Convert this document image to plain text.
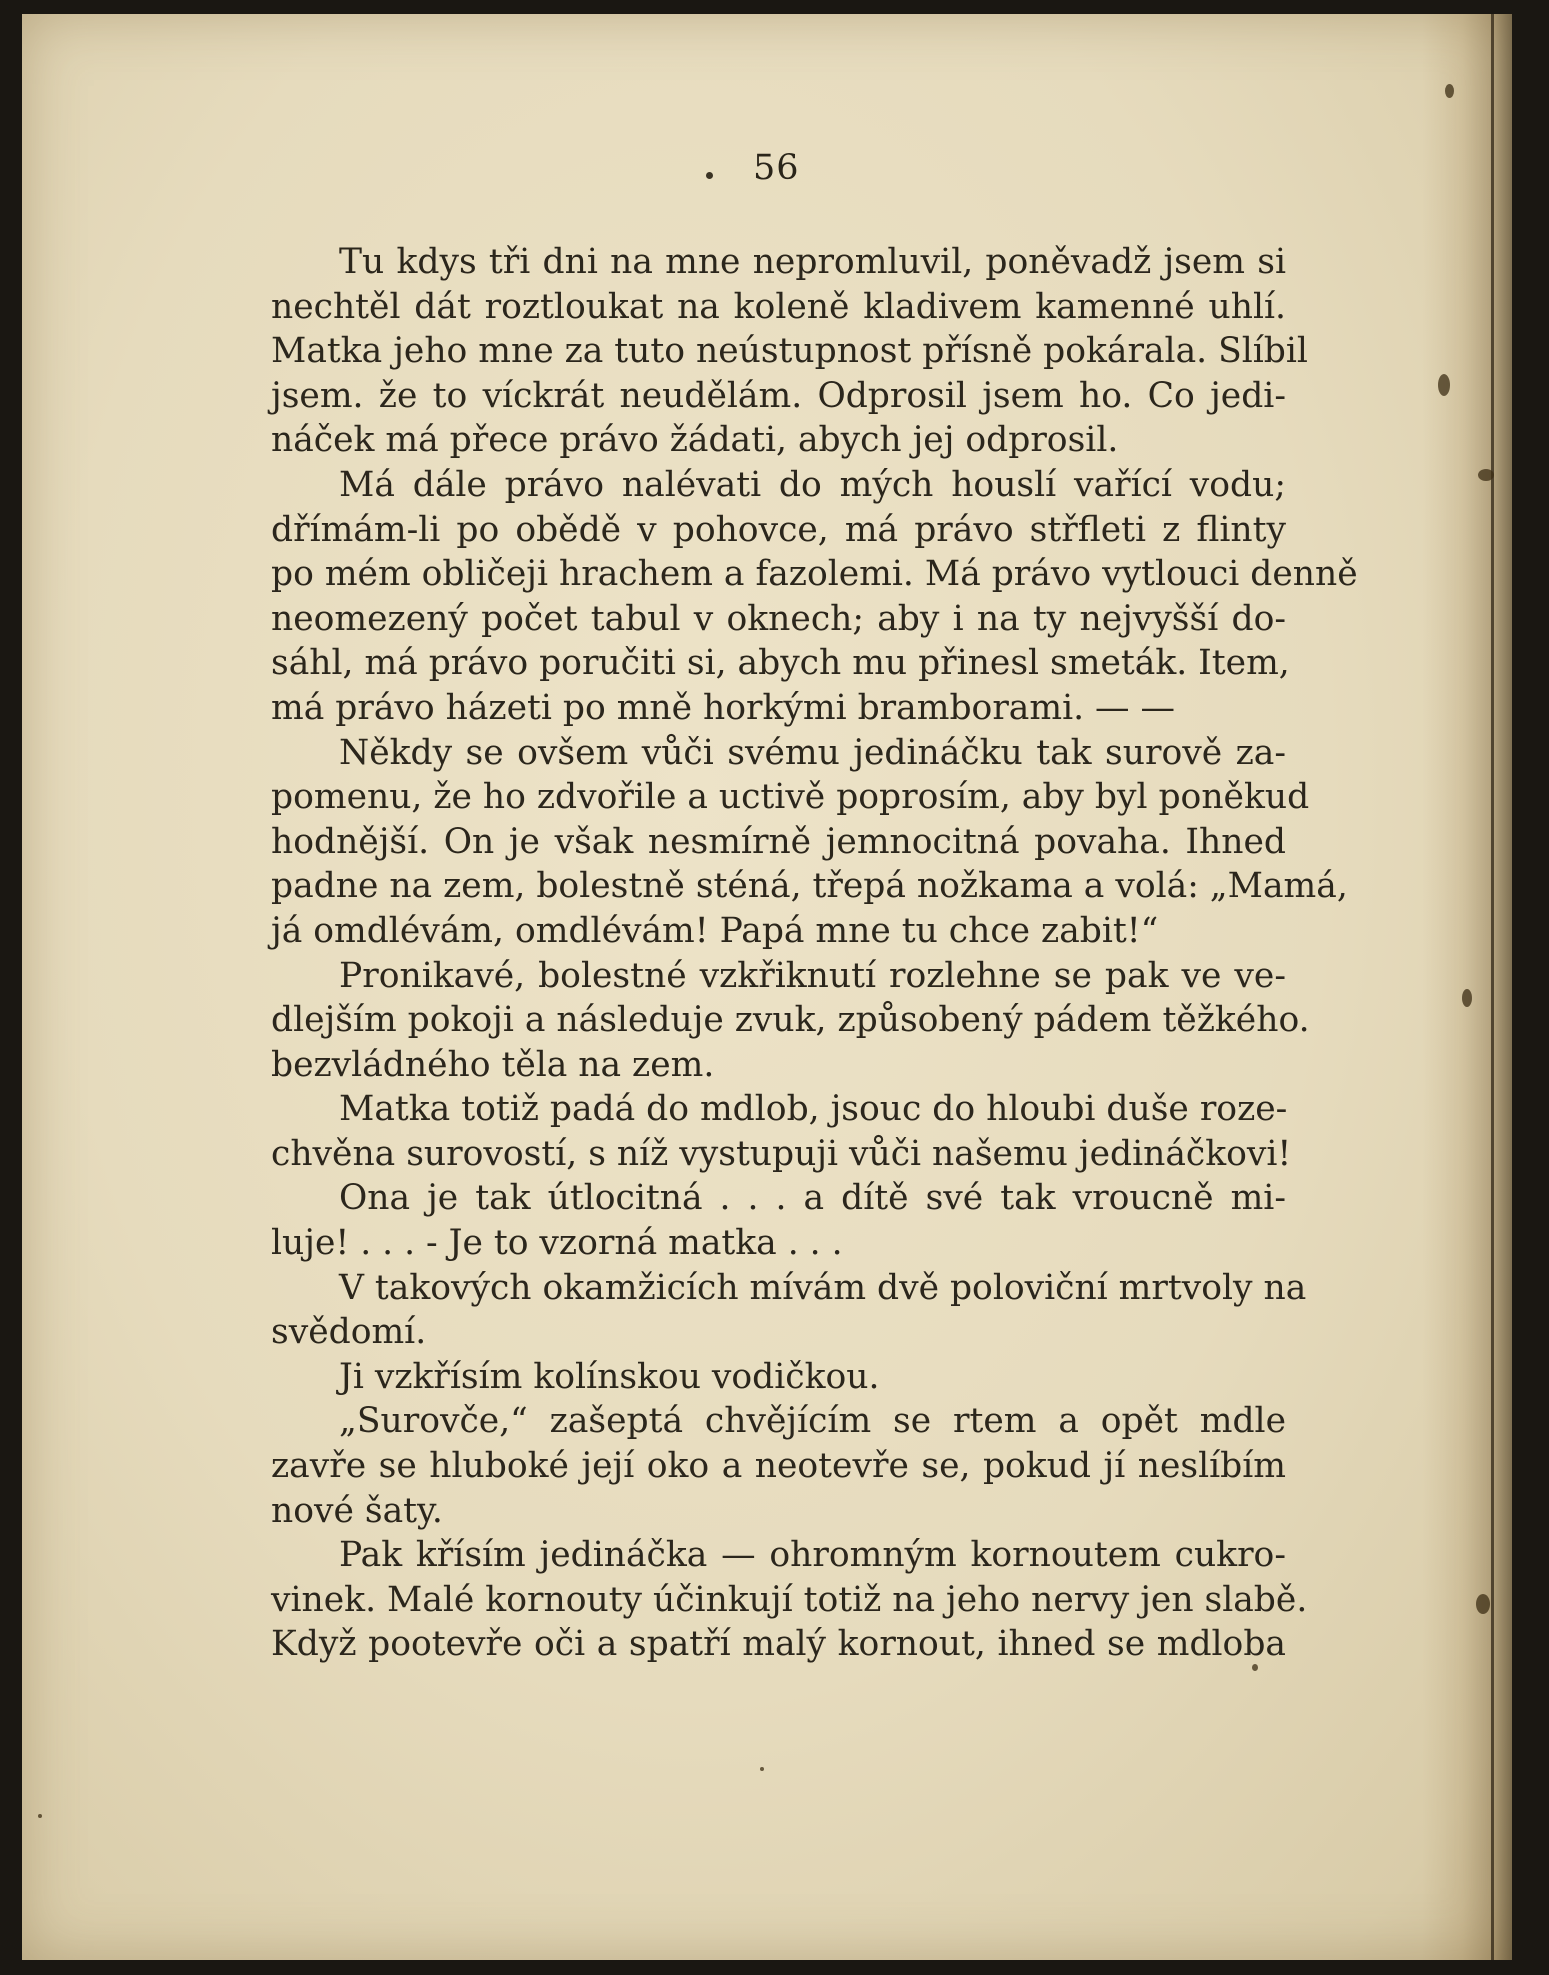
56
Tu kdys tři dni na mne nepromluvil, poněvadž jsem si
nechtěl dát roztloukat na koleně kladivem kamenné uhlí.
Matka jeho mne za tuto neústupnost přísně pokárala. Slíbil
jsem. že to víckrát neudělám. Odprosil jsem ho. Co jedi-
náček má přece právo žádati, abych jej odprosil.
Má dále právo nalévati do mých houslí vařící vodu;
dřímám-li po obědě v pohovce, má právo střfleti z flinty
po mém obličeji hrachem a fazolemi. Má právo vytlouci denně
neomezený počet tabul v oknech; aby i na ty nejvyšší do-
sáhl, má právo poručiti si, abych mu přinesl smeták. Item,
má právo házeti po mně horkými bramborami. — —
Někdy se ovšem vůči svému jedináčku tak surově za-
pomenu, že ho zdvořile a uctivě poprosím, aby byl poněkud
hodnější. On je však nesmírně jemnocitná povaha. Ihned
padne na zem, bolestně sténá, třepá nožkama a volá: „Mamá,
já omdlévám, omdlévám! Papá mne tu chce zabit!“
Pronikavé, bolestné vzkřiknutí rozlehne se pak ve ve-
dlejším pokoji a následuje zvuk, způsobený pádem těžkého.
bezvládného těla na zem.
Matka totiž padá do mdlob, jsouc do hloubi duše roze-
chvěna surovostí, s níž vystupuji vůči našemu jedináčkovi!
Ona je tak útlocitná . . . a dítě své tak vroucně mi-
luje! . . . - Je to vzorná matka . . .
V takových okamžicích mívám dvě poloviční mrtvoly na
svědomí.
Ji vzkřísím kolínskou vodičkou.
„Surovče,“ zašeptá chvějícím se rtem a opět mdle
zavře se hluboké její oko a neotevře se, pokud jí neslíbím
nové šaty.
Pak křísím jedináčka — ohromným kornoutem cukro-
vinek. Malé kornouty účinkují totiž na jeho nervy jen slabě.
Když pootevře oči a spatří malý kornout, ihned se mdloba
